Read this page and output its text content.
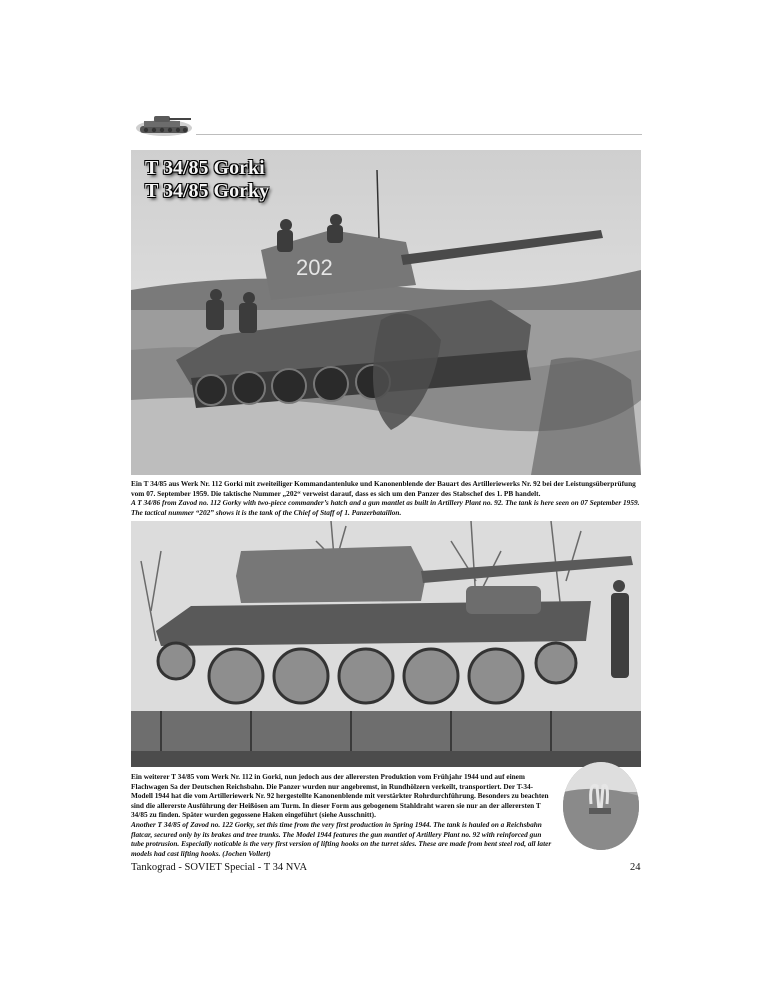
202
T 34/85 Gorki
T 34/85 Gorky

Ein T 34/85 aus Werk Nr. 112 Gorki mit zweiteiliger Kommandantenluke und Kanonenblende der Bauart des Artilleriewerks Nr. 92 bei der Leistungsüberprüfung vom 07. September 1959. Die taktische Nummer „202“ verweist darauf, dass es sich um den Panzer des Stabschef des 1. PB handelt.

A T 34/86 from Zavod no. 112 Gorky with two-piece commander’s hatch and a gun mantlet as built in Artillery Plant no. 92. The tank is here seen on 07 September 1959. The tactical nummer “202” shows it is the tank of the Chief of Staff of 1. Panzerbataillon.

Ein weiterer T 34/85 vom Werk Nr. 112 in Gorki, nun jedoch aus der allerersten Produktion vom Frühjahr 1944 und auf einem Flachwagen Sa der Deutschen Reichsbahn. Die Panzer wurden nur angebremst, in Rundhölzern verkeilt, transportiert. Der T-34-Modell 1944 hat die vom Artilleriewerk Nr. 92 hergestellte Kanonenblende mit verstärkter Rohrdurchführung. Besonders zu beachten sind die allererste Ausführung der Heißösen am Turm. In dieser Form aus gebogenem Stahldraht waren sie nur an der allerersten T 34/85 zu finden. Später wurden gegossene Haken eingeführt (siehe Ausschnitt).

Another T 34/85 of Zavod no. 122 Gorky, set this time from the very first production in Spring 1944. The tank is hauled on a Reichsbahn flatcar, secured only by its brakes and tree trunks. The Model 1944 features the gun mantlet of Artillery Plant no. 92 with reinforced gun tube protrusion. Especially noticable is the very first version of lifting hooks on the turret sides. These are made from bent steel rod, all later models had cast lifting hooks. (Jochen Vollert)

Tankograd - SOVIET Special - T 34 NVA	24
